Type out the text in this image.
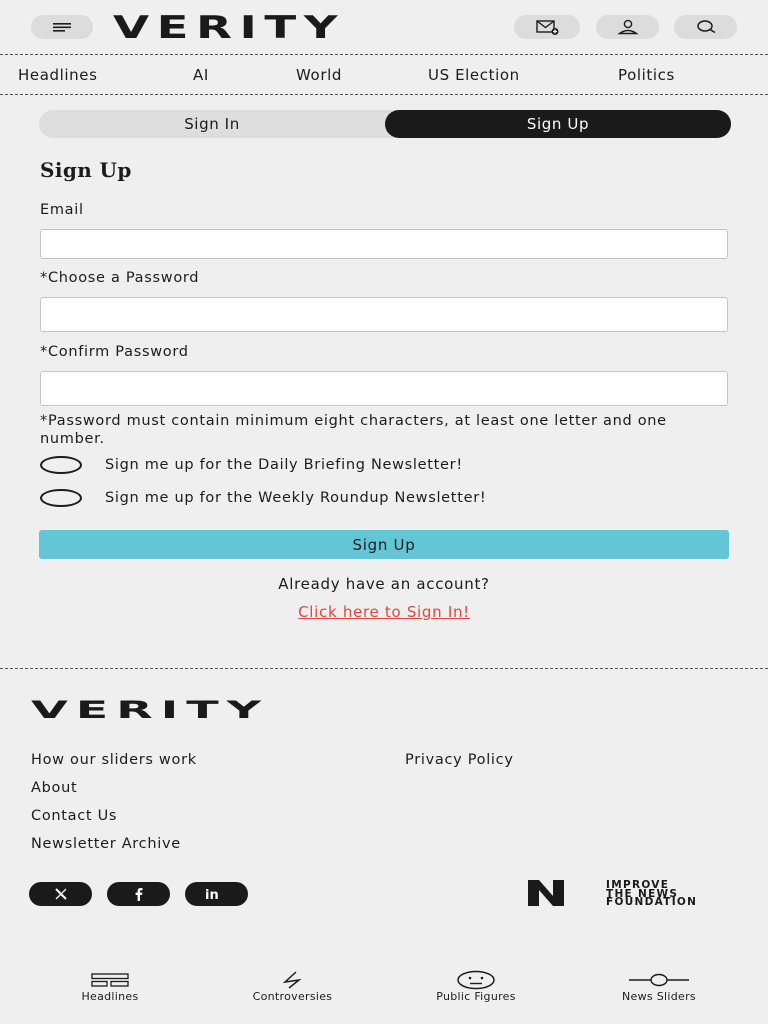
VERITY
Headlines	AI	World	US Election	Politics
Sign In	Sign Up
Sign Up
Email
*Choose a Password
*Confirm Password
*Password must contain minimum eight characters, at least one letter and one number.
Sign me up for the Daily Briefing Newsletter!
Sign me up for the Weekly Roundup Newsletter!
Sign Up
Already have an account?
Click here to Sign In!
VERITY
How our sliders work
About
Contact Us
Newsletter Archive
Privacy Policy
in
IMPROVE
THE NEWS
FOUNDATION
Headlines	Controversies	Public Figures	News Sliders
